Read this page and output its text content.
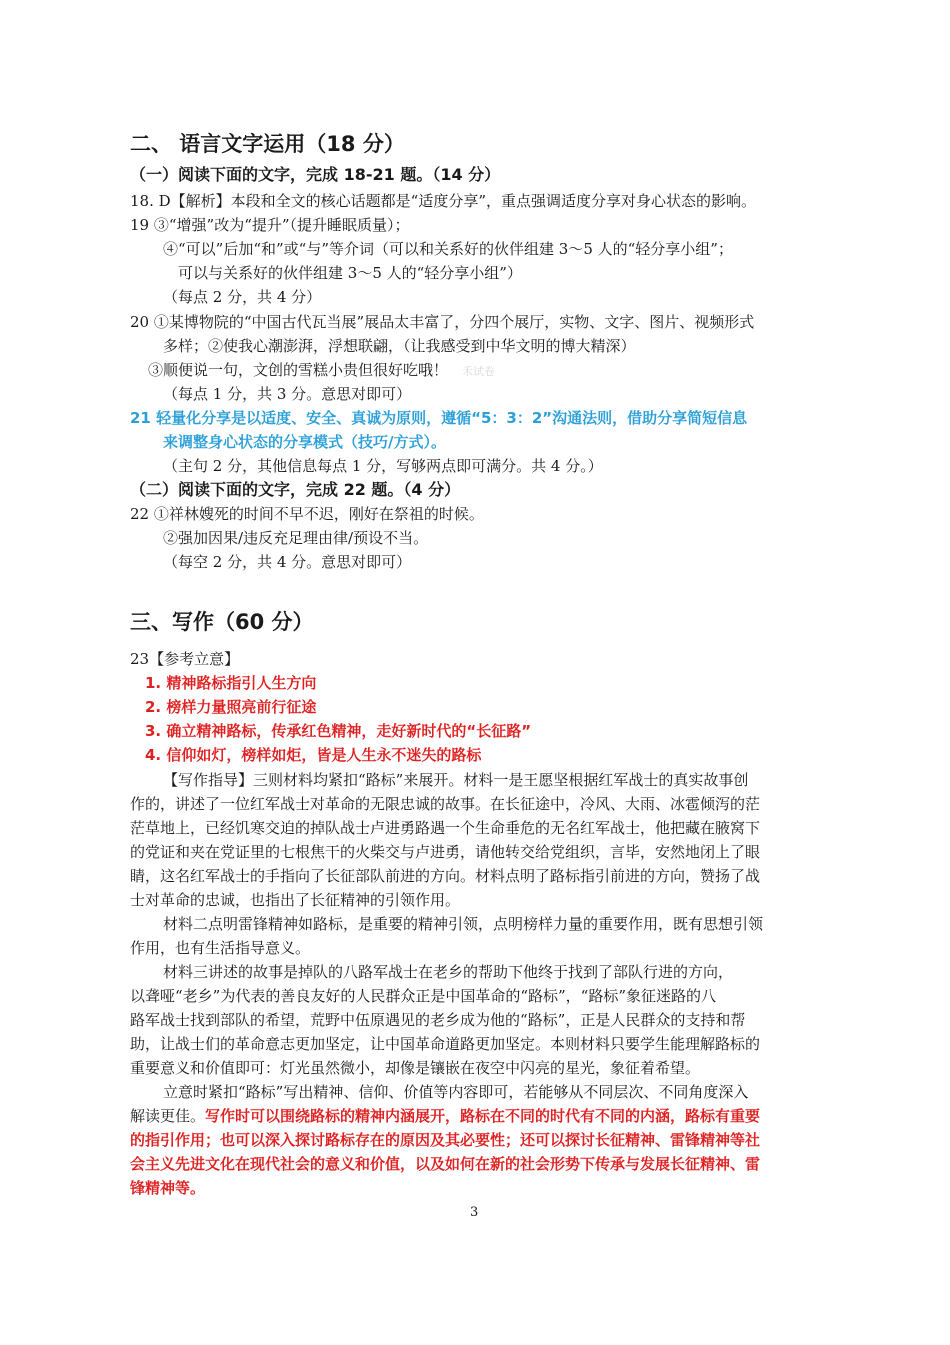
二、 语言文字运用（18 分）
（一）阅读下面的文字，完成 18-21 题。（14 分）
18. D【解析】本段和全文的核心话题都是“适度分享”，重点强调适度分享对身心状态的影响。
19 ③“增强”改为“提升”（提升睡眠质量）；
④“可以”后加“和”或“与”等介词（可以和关系好的伙伴组建 3～5 人的“轻分享小组”；
可以与关系好的伙伴组建 3～5 人的“轻分享小组”）
（每点 2 分，共 4 分）
20 ①某博物院的“中国古代瓦当展”展品太丰富了，分四个展厅，实物、文字、图片、视频形式
多样；②使我心潮澎湃，浮想联翩，（让我感受到中华文明的博大精深）
③顺便说一句，文创的雪糕小贵但很好吃哦！ 禾试卷
（每点 1 分，共 3 分。意思对即可）
21 轻量化分享是以适度、安全、真诚为原则，遵循“5：3：2”沟通法则，借助分享简短信息
来调整身心状态的分享模式（技巧/方式）。
（主句 2 分，其他信息每点 1 分，写够两点即可满分。共 4 分。）
（二）阅读下面的文字，完成 22 题。（4 分）
22 ①祥林嫂死的时间不早不迟，刚好在祭祖的时候。
②强加因果/违反充足理由律/预设不当。
（每空 2 分，共 4 分。意思对即可）
三、写作（60 分）
23【参考立意】
1. 精神路标指引人生方向
2. 榜样力量照亮前行征途
3. 确立精神路标，传承红色精神，走好新时代的“长征路”
4. 信仰如灯，榜样如炬，皆是人生永不迷失的路标
【写作指导】三则材料均紧扣“路标”来展开。材料一是王愿坚根据红军战士的真实故事创
作的，讲述了一位红军战士对革命的无限忠诚的故事。在长征途中，冷风、大雨、冰雹倾泻的茫
茫草地上，已经饥寒交迫的掉队战士卢进勇路遇一个生命垂危的无名红军战士，他把藏在腋窝下
的党证和夹在党证里的七根焦干的火柴交与卢进勇，请他转交给党组织，言毕，安然地闭上了眼
睛，这名红军战士的手指向了长征部队前进的方向。材料点明了路标指引前进的方向，赞扬了战
士对革命的忠诚，也指出了长征精神的引领作用。
材料二点明雷锋精神如路标，是重要的精神引领，点明榜样力量的重要作用，既有思想引领
作用，也有生活指导意义。
材料三讲述的故事是掉队的八路军战士在老乡的帮助下他终于找到了部队行进的方向，
以聋哑“老乡”为代表的善良友好的人民群众正是中国革命的“路标”，“路标”象征迷路的八
路军战士找到部队的希望，荒野中伍原遇见的老乡成为他的“路标”，正是人民群众的支持和帮
助，让战士们的革命意志更加坚定，让中国革命道路更加坚定。本则材料只要学生能理解路标的
重要意义和价值即可：灯光虽然微小，却像是镶嵌在夜空中闪亮的星光，象征着希望。
立意时紧扣“路标”写出精神、信仰、价值等内容即可，若能够从不同层次、不同角度深入
解读更佳。写作时可以围绕路标的精神内涵展开，路标在不同的时代有不同的内涵，路标有重要
的指引作用；也可以深入探讨路标存在的原因及其必要性；还可以探讨长征精神、雷锋精神等社
会主义先进文化在现代社会的意义和价值，以及如何在新的社会形势下传承与发展长征精神、雷
锋精神等。
3
